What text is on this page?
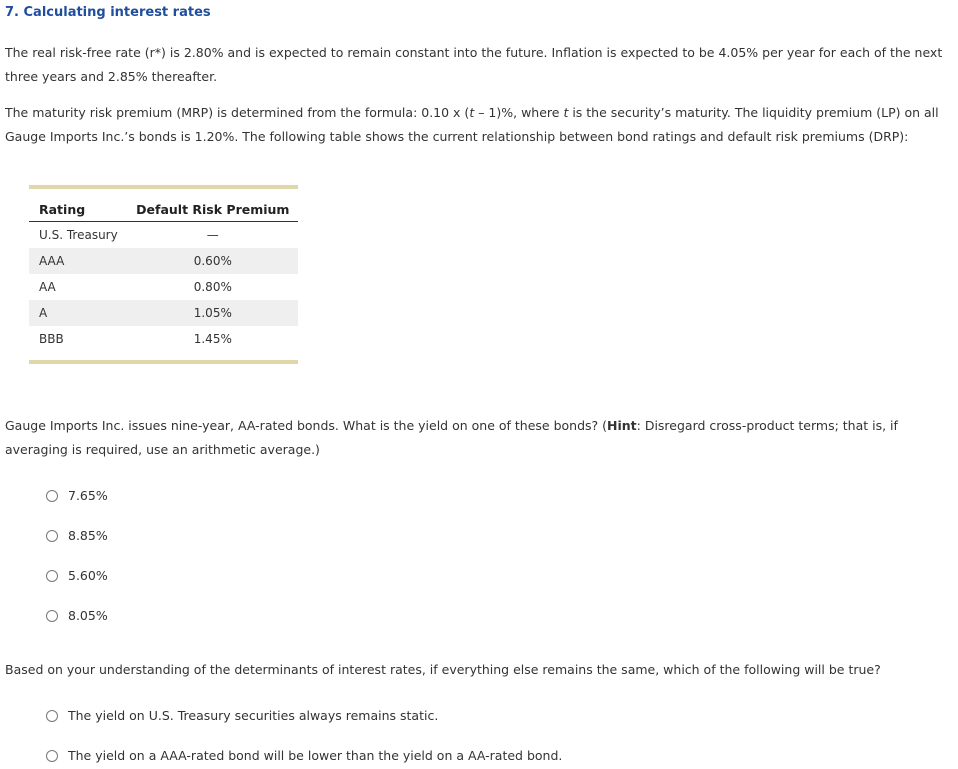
7. Calculating interest rates
The real risk-free rate (r*) is 2.80% and is expected to remain constant into the future. Inflation is expected to be 4.05% per year for each of the next three years and 2.85% thereafter.
The maturity risk premium (MRP) is determined from the formula: 0.10 x (t – 1)%, where t is the security’s maturity. The liquidity premium (LP) on all Gauge Imports Inc.’s bonds is 1.20%. The following table shows the current relationship between bond ratings and default risk premiums (DRP):
Rating	Default Risk Premium
U.S. Treasury	—
AAA	0.60%
AA	0.80%
A	1.05%
BBB	1.45%
Gauge Imports Inc. issues nine-year, AA-rated bonds. What is the yield on one of these bonds? (Hint: Disregard cross-product terms; that is, if averaging is required, use an arithmetic average.)
7.65%
8.85%
5.60%
8.05%
Based on your understanding of the determinants of interest rates, if everything else remains the same, which of the following will be true?
The yield on U.S. Treasury securities always remains static.
The yield on a AAA-rated bond will be lower than the yield on a AA-rated bond.
